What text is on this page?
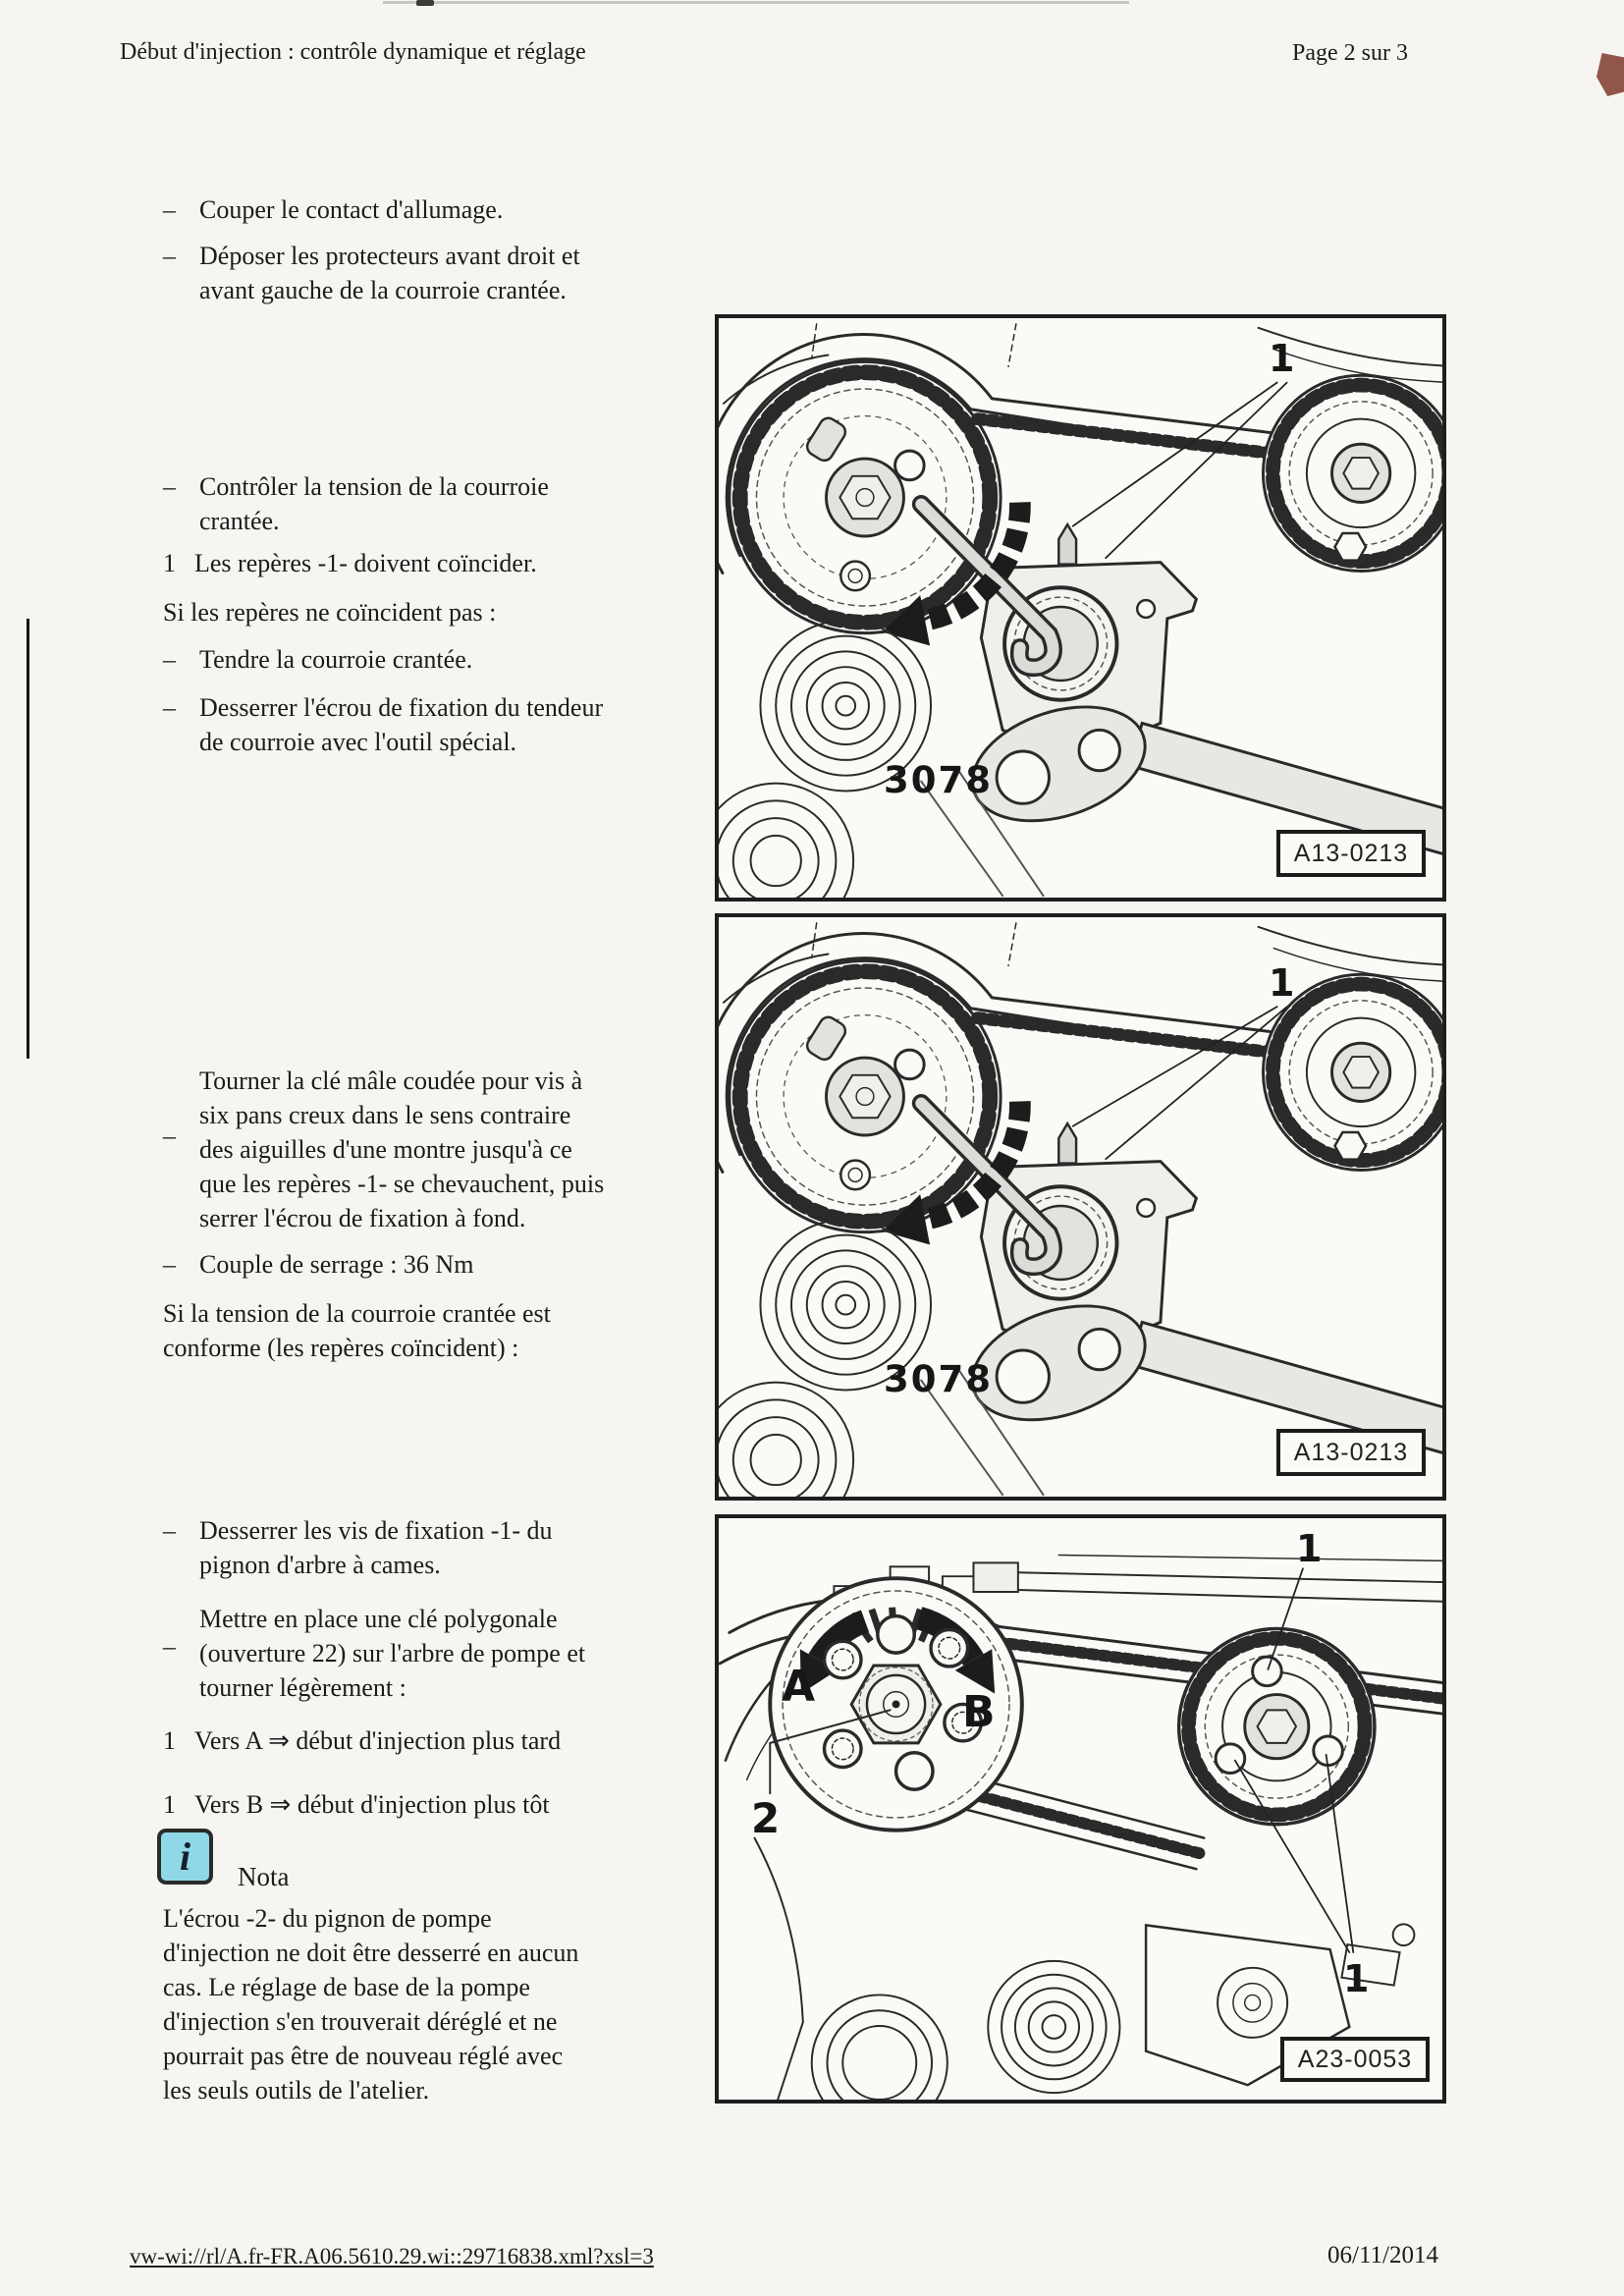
Début d'injection : contrôle dynamique et réglage	Page 2 sur 3
– Couper le contact d'allumage.
– Déposer les protecteurs avant droit et
avant gauche de la courroie crantée.
– Contrôler la tension de la courroie
crantée.
1 Les repères -1- doivent coïncider.
Si les repères ne coïncident pas :
– Tendre la courroie crantée.
– Desserrer l'écrou de fixation du tendeur
de courroie avec l'outil spécial.
–
Tourner la clé mâle coudée pour vis à
six pans creux dans le sens contraire
des aiguilles d'une montre jusqu'à ce
que les repères -1- se chevauchent, puis
serrer l'écrou de fixation à fond.
– Couple de serrage : 36 Nm
Si la tension de la courroie crantée est
conforme (les repères coïncident) :
– Desserrer les vis de fixation -1- du
pignon d'arbre à cames.
–
Mettre en place une clé polygonale
(ouverture 22) sur l'arbre de pompe et
tourner légèrement :
1 Vers A ⇒ début d'injection plus tard
1 Vers B ⇒ début d'injection plus tôt
i	Nota
L'écrou -2- du pignon de pompe
d'injection ne doit être desserré en aucun
cas. Le réglage de base de la pompe
d'injection s'en trouverait déréglé et ne
pourrait pas être de nouveau réglé avec
les seuls outils de l'atelier.
1
3078
A13-0213
1
3078
A13-0213
1
1
2
A
B
A23-0053
vw-wi://rl/A.fr-FR.A06.5610.29.wi::29716838.xml?xsl=3	06/11/2014
